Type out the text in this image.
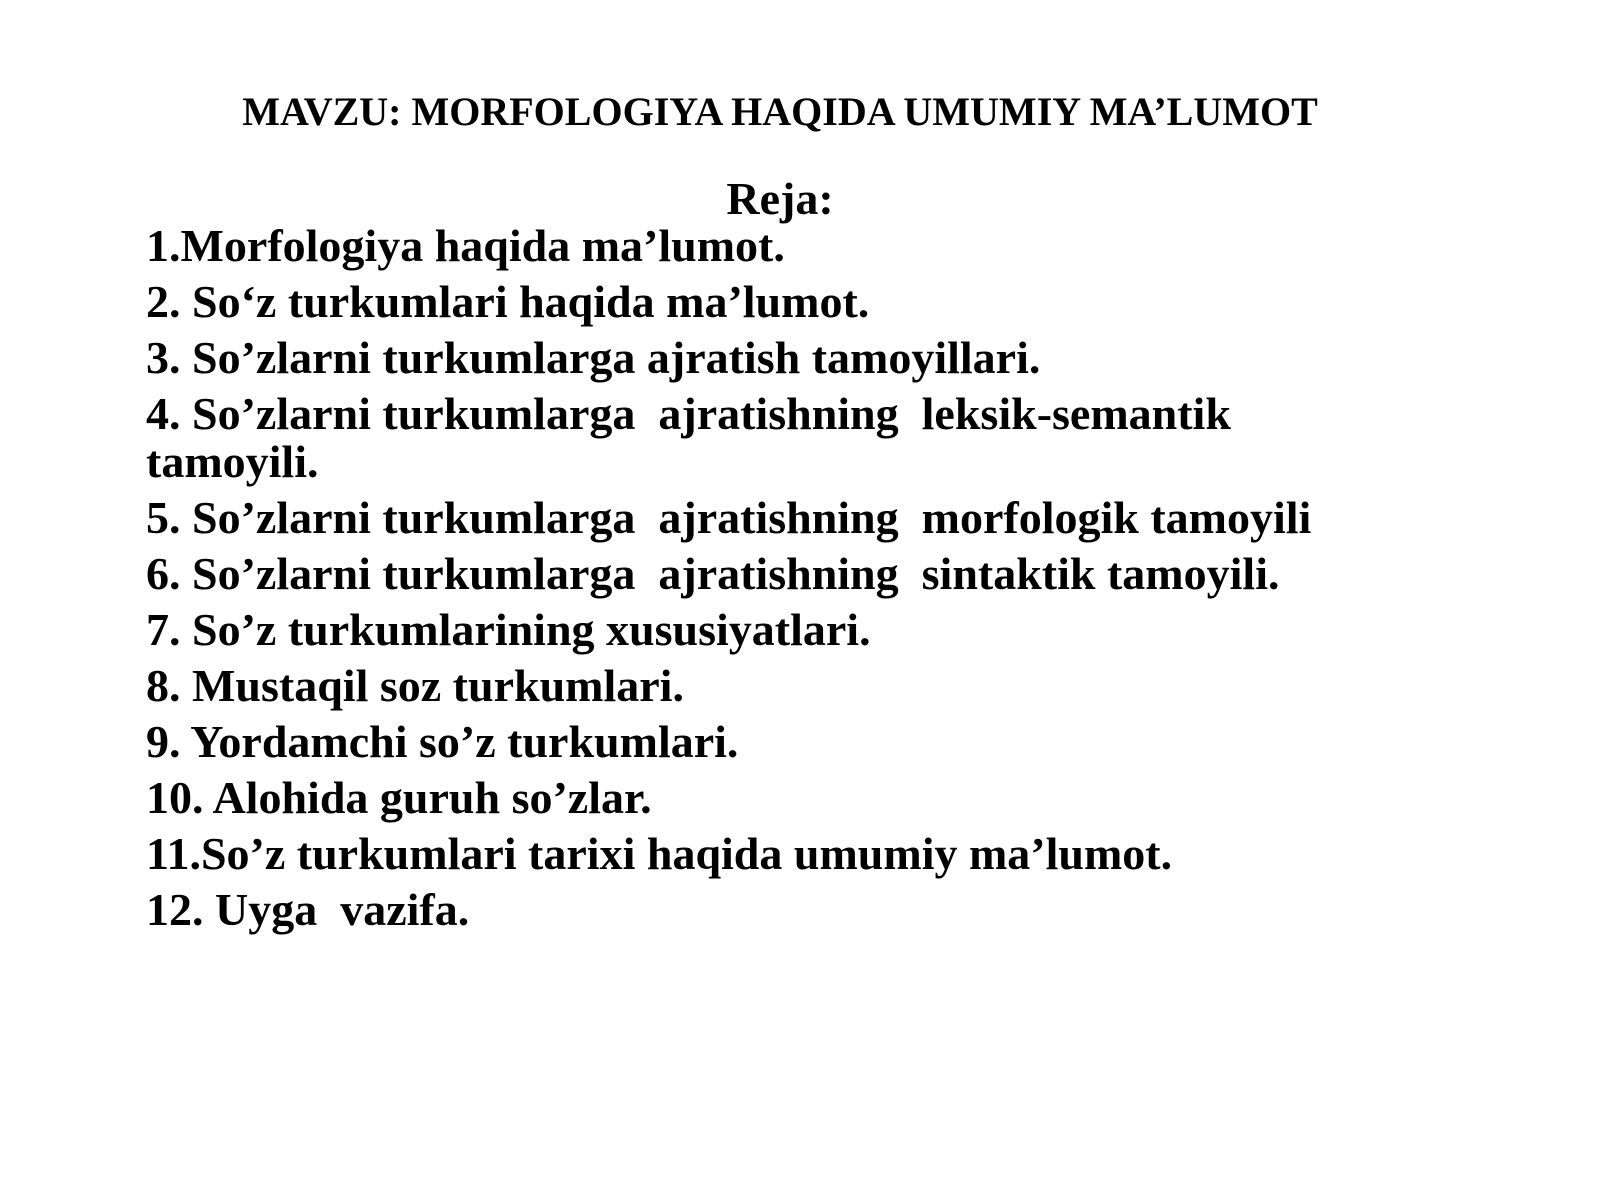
MAVZU: MORFOLOGIYA HAQIDA UMUMIY MA’LUMOT
Reja:
1.Morfologiya haqida ma’lumot.
2. So‘z turkumlari haqida ma’lumot.
3. So’zlarni turkumlarga ajratish tamoyillari.
4. So’zlarni turkumlarga  ajratishning  leksik-semantik tamoyili.
5. So’zlarni turkumlarga  ajratishning  morfologik tamoyili
6. So’zlarni turkumlarga  ajratishning  sintaktik tamoyili.
7. So’z turkumlarining xususiyatlari.
8. Mustaqil soz turkumlari.
9. Yordamchi so’z turkumlari.
10. Alohida guruh so’zlar.
11.So’z turkumlari tarixi haqida umumiy ma’lumot.
12. Uyga  vazifa.
